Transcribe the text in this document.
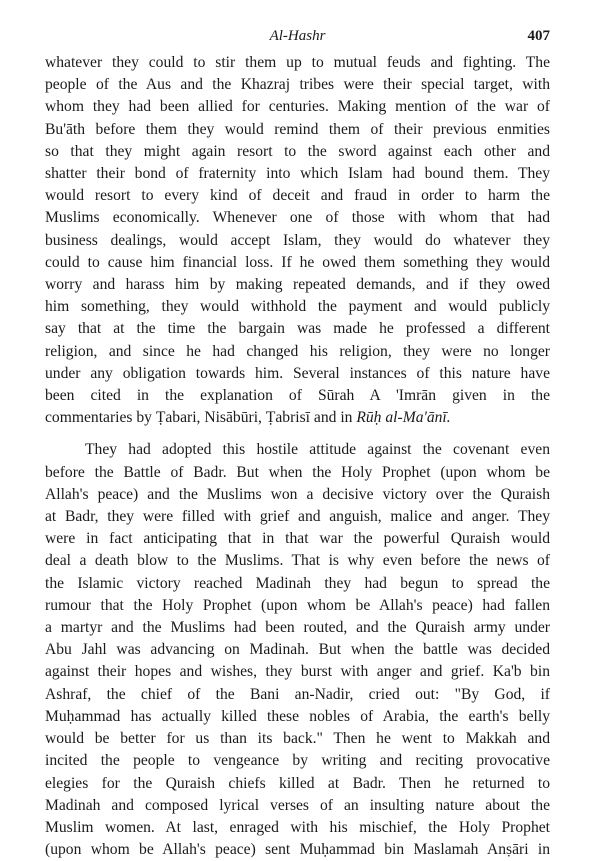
Al-Hashr	407

whatever they could to stir them up to mutual feuds and fighting. The
people of the Aus and the Khazraj tribes were their special target, with
whom they had been allied for centuries. Making mention of the war of
Bu'āth before them they would remind them of their previous enmities
so that they might again resort to the sword against each other and
shatter their bond of fraternity into which Islam had bound them. They
would resort to every kind of deceit and fraud in order to harm the
Muslims economically. Whenever one of those with whom that had
business dealings, would accept Islam, they would do whatever they
could to cause him financial loss. If he owed them something they would
worry and harass him by making repeated demands, and if they owed
him something, they would withhold the payment and would publicly
say that at the time the bargain was made he professed a different
religion, and since he had changed his religion, they were no longer
under any obligation towards him. Several instances of this nature have
been cited in the explanation of Sūrah A 'Imrān given in the
commentaries by Ṭabari, Nisābūri, Ṭabrisī and in Rūḥ al-Ma'ānī.

They had adopted this hostile attitude against the covenant even
before the Battle of Badr. But when the Holy Prophet (upon whom be
Allah's peace) and the Muslims won a decisive victory over the Quraish
at Badr, they were filled with grief and anguish, malice and anger. They
were in fact anticipating that in that war the powerful Quraish would
deal a death blow to the Muslims. That is why even before the news of
the Islamic victory reached Madinah they had begun to spread the
rumour that the Holy Prophet (upon whom be Allah's peace) had fallen
a martyr and the Muslims had been routed, and the Quraish army under
Abu Jahl was advancing on Madinah. But when the battle was decided
against their hopes and wishes, they burst with anger and grief. Ka'b bin
Ashraf, the chief of the Bani an-Nadir, cried out: "By God, if
Muḥammad has actually killed these nobles of Arabia, the earth's belly
would be better for us than its back." Then he went to Makkah and
incited the people to vengeance by writing and reciting provocative
elegies for the Quraish chiefs killed at Badr. Then he returned to
Madinah and composed lyrical verses of an insulting nature about the
Muslim women. At last, enraged with his mischief, the Holy Prophet
(upon whom be Allah's peace) sent Muḥammad bin Maslamah Anṣāri in
